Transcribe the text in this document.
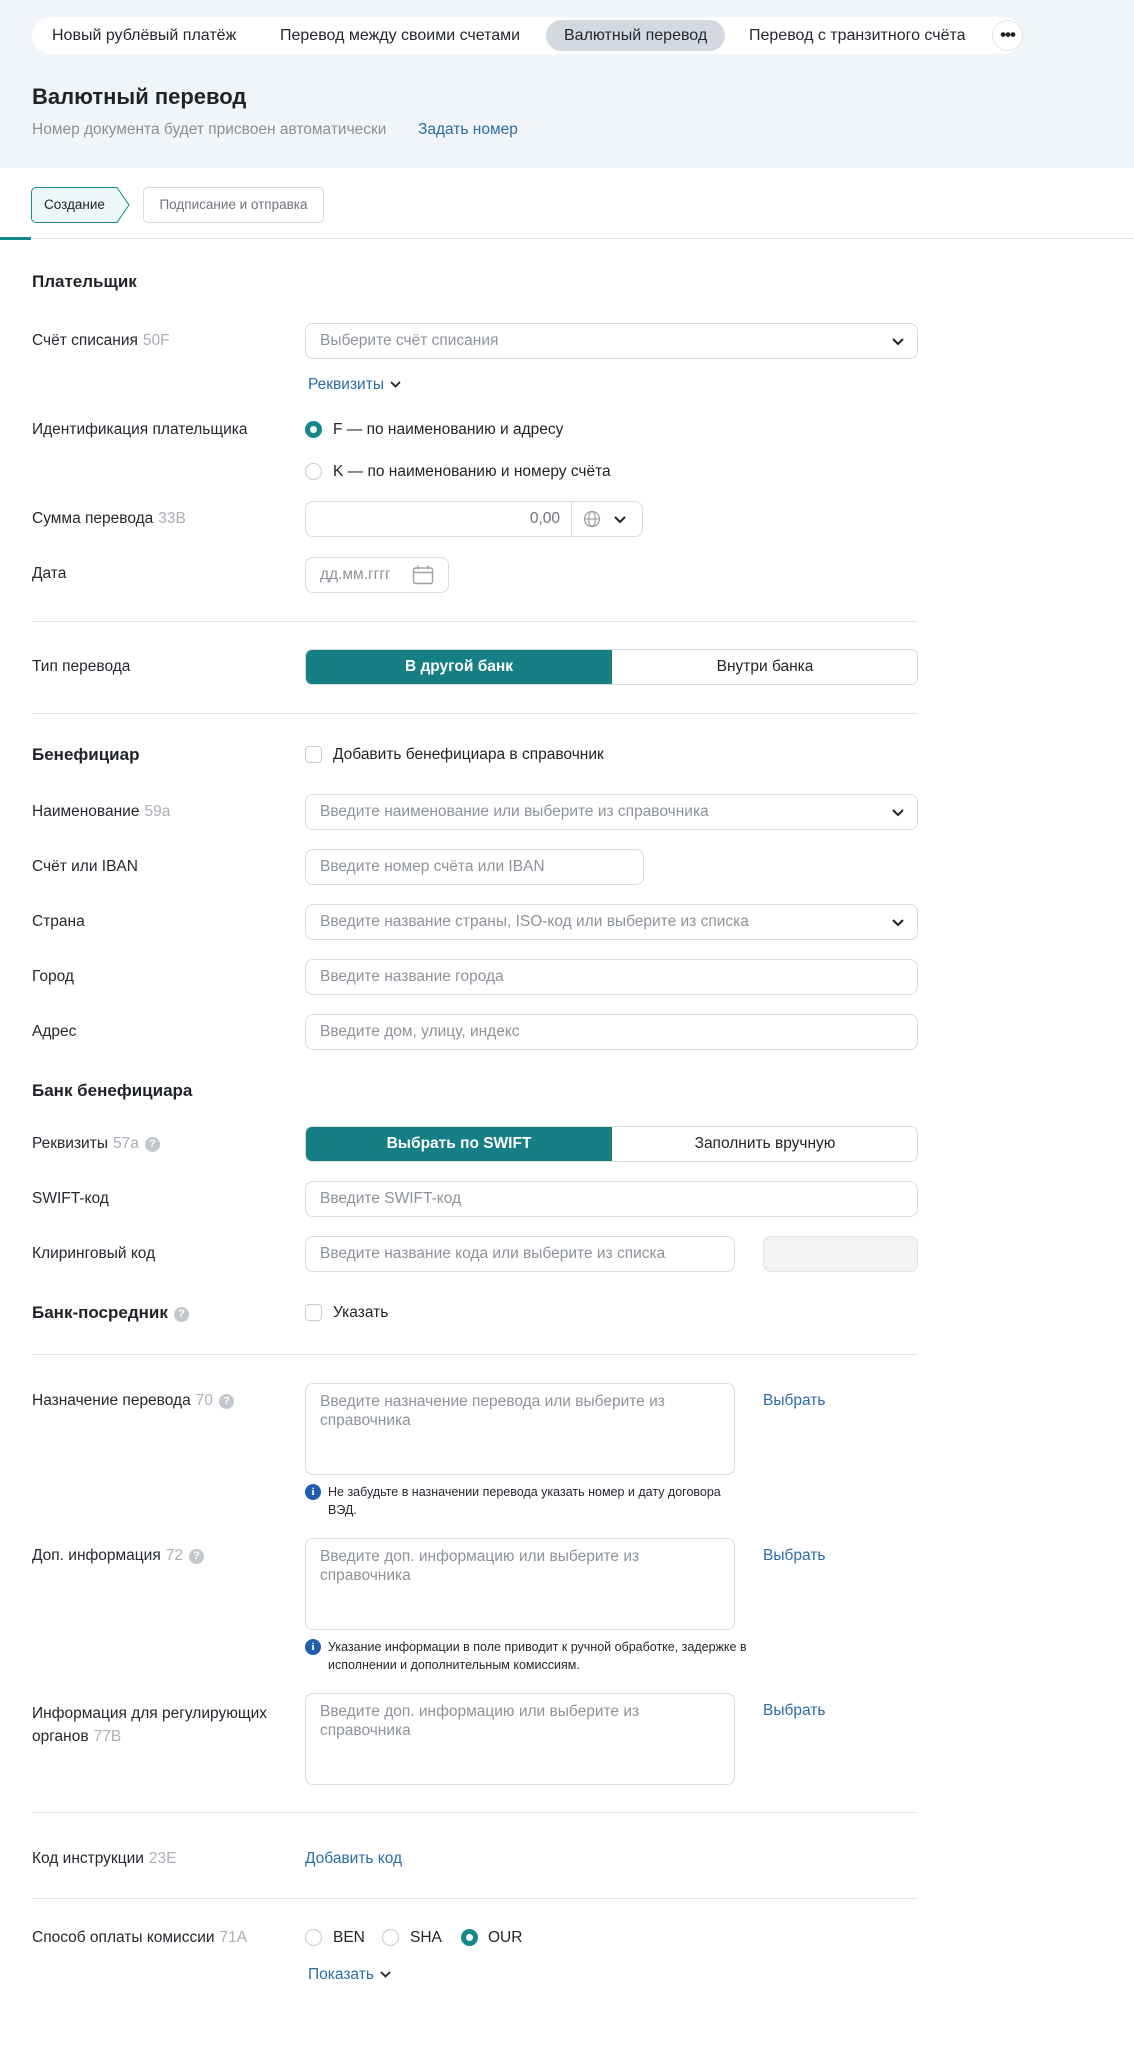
Новый рублёвый платёж	Перевод между своими счетами	Валютный перевод	Перевод с транзитного счёта	•••
Валютный перевод
Номер документа будет присвоен автоматически Задать номер
Создание	Подписание и отправка
Плательщик
Счёт списания 50F	Выберите счёт списания
Реквизиты
Идентификация плательщика	F — по наименованию и адресу
K — по наименованию и номеру счёта
Сумма перевода 33B	0,00
Дата	дд.мм.гггг
Тип перевода	В другой банк	Внутри банка
Бенефициар	Добавить бенефициара в справочник
Наименование 59a	Введите наименование или выберите из справочника
Счёт или IBAN	Введите номер счёта или IBAN
Страна	Введите название страны, ISO-код или выберите из списка
Город	Введите название города
Адрес	Введите дом, улицу, индекс
Банк бенефициара
Реквизиты 57a ?	Выбрать по SWIFT	Заполнить вручную
SWIFT-код	Введите SWIFT-код
Клиринговый код	Введите название кода или выберите из списка
Банк-посредник ?	Указать
Назначение перевода 70 ?	Введите назначение перевода или выберите из справочника
Выбрать
i	Не забудьте в назначении перевода указать номер и дату договора ВЭД.
Доп. информация 72 ?	Введите доп. информацию или выберите из справочника
Выбрать
i	Указание информации в поле приводит к ручной обработке, задержке в исполнении и дополнительным комиссиям.
Информация для регулирующих
органов 77B
Введите доп. информацию или выберите из справочника
Выбрать
Код инструкции 23E	Добавить код
Способ оплаты комиссии 71A	BEN	SHA	OUR
Показать
